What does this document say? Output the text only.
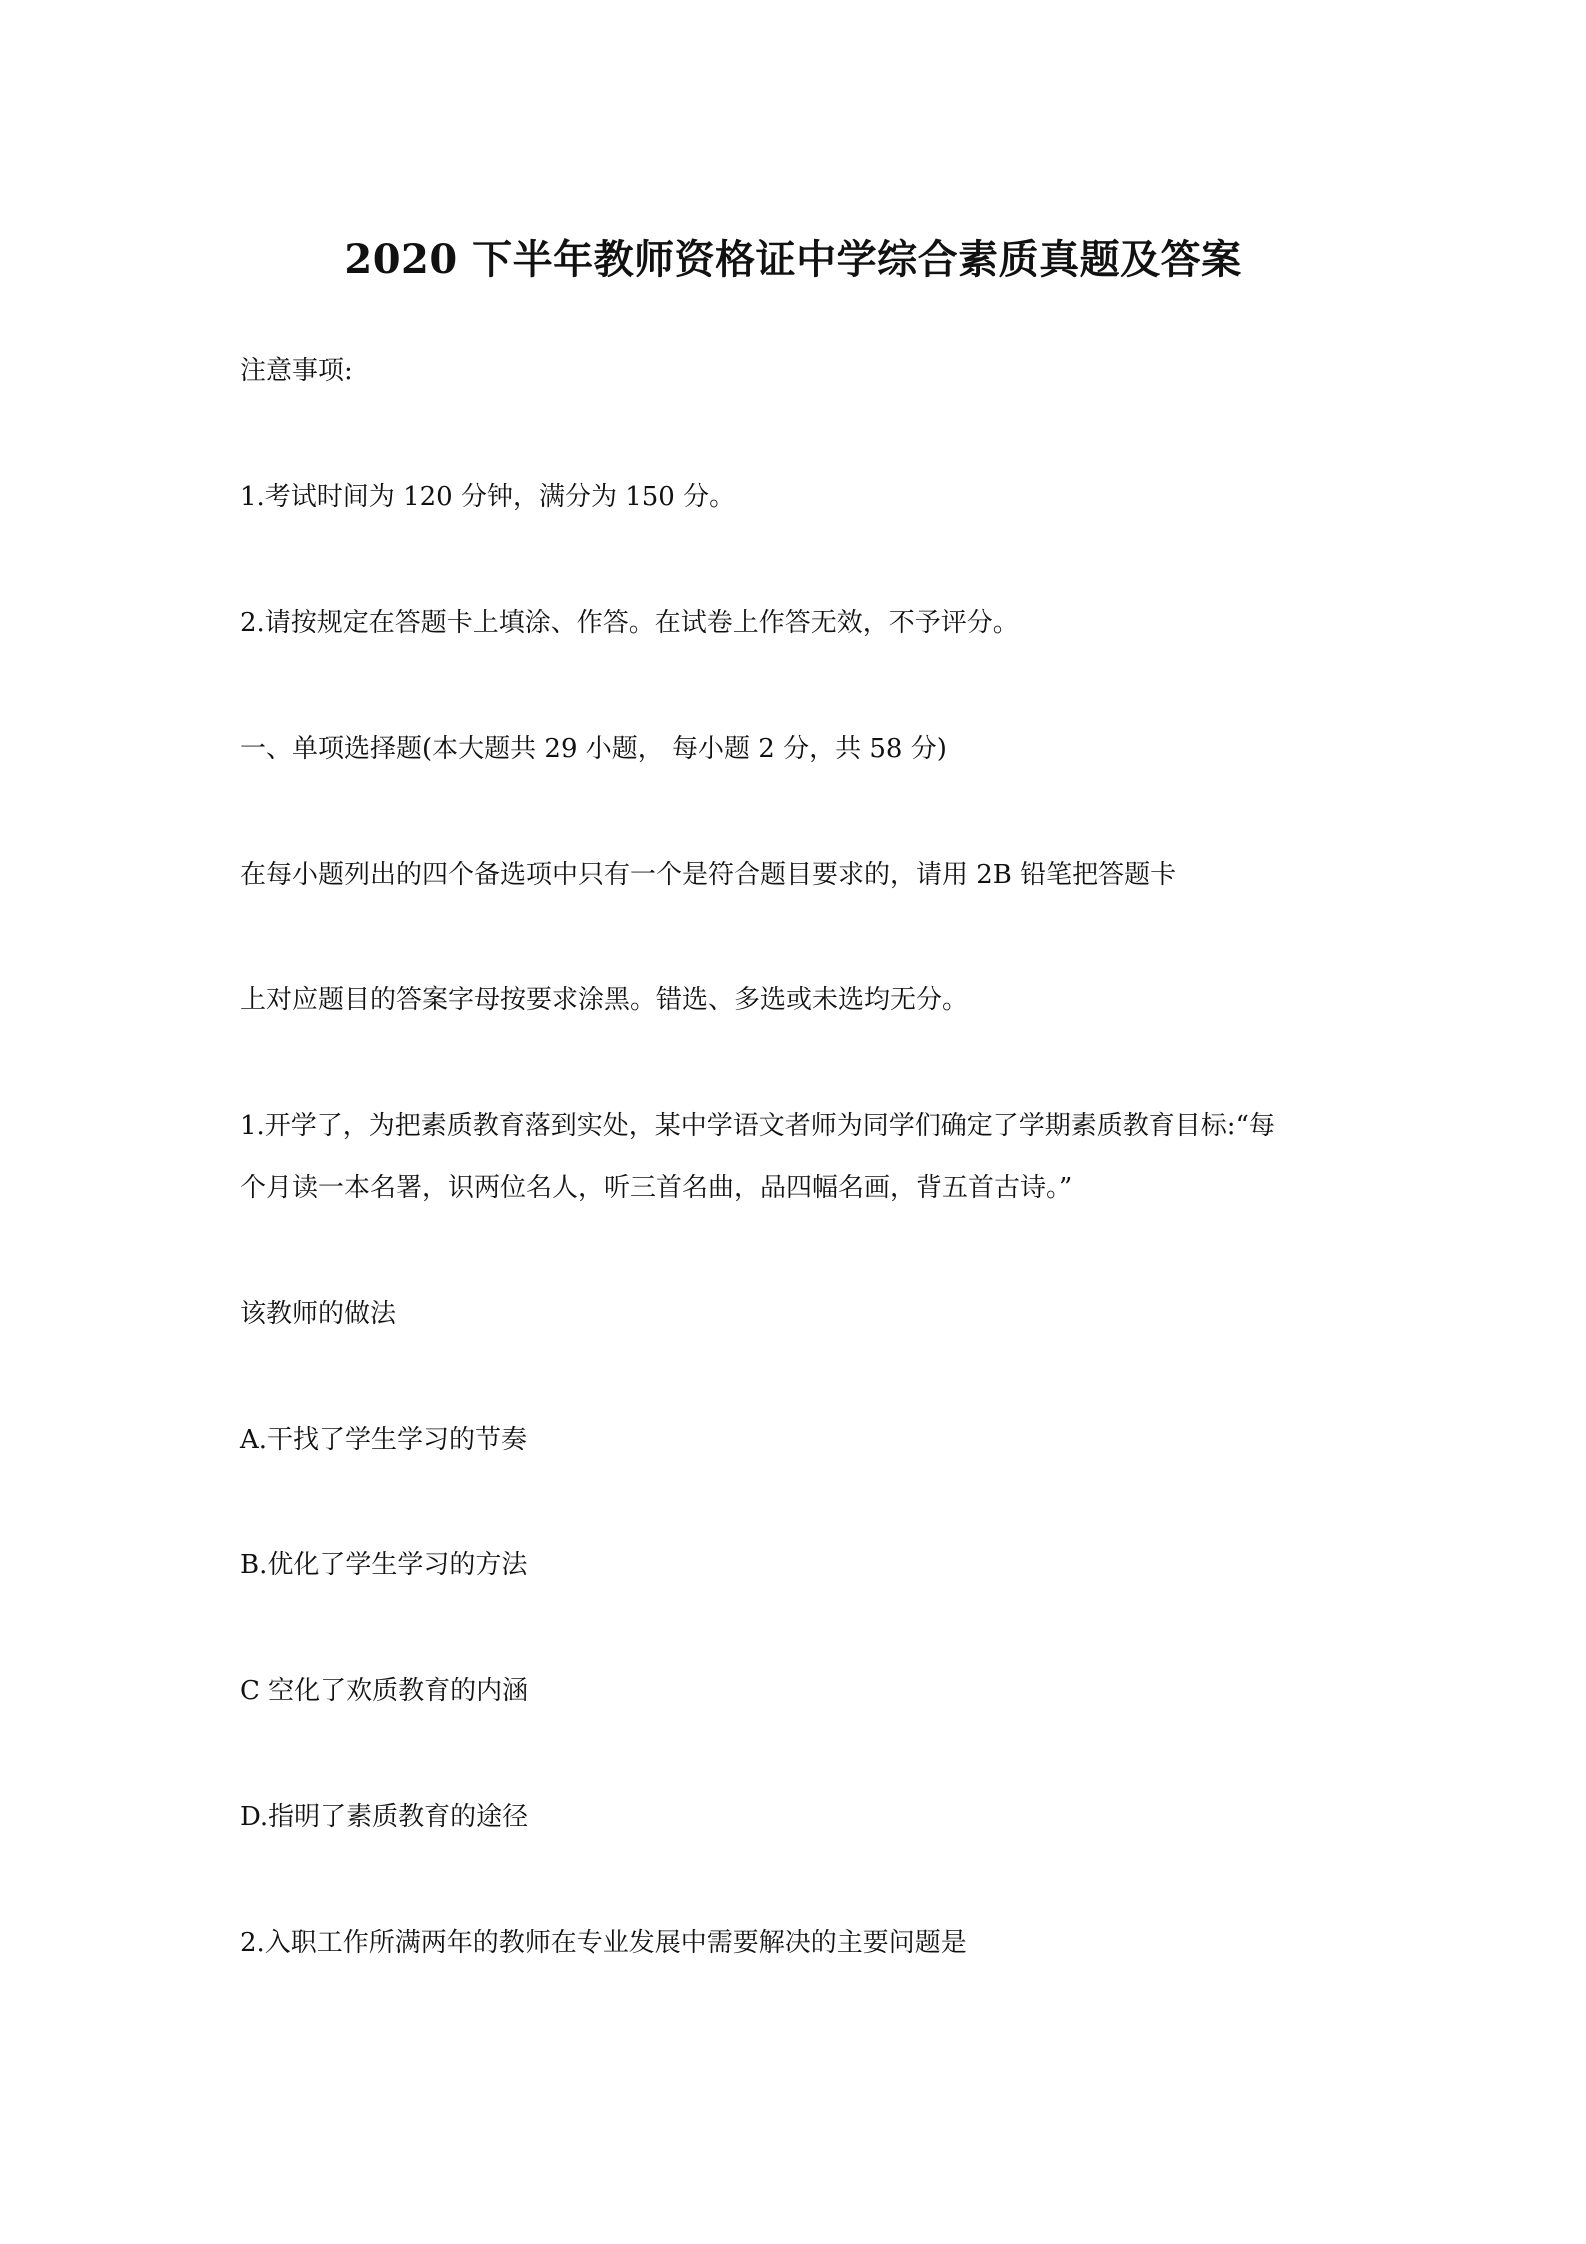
2020 下半年教师资格证中学综合素质真题及答案
注意事项:
1.考试时间为 120 分钟，满分为 150 分。
2.请按规定在答题卡上填涂、作答。在试卷上作答无效，不予评分。
一、单项选择题(本大题共 29 小题， 每小题 2 分，共 58 分)
在每小题列出的四个备选项中只有一个是符合题目要求的，请用 2B 铅笔把答题卡
上对应题目的答案字母按要求涂黑。错选、多选或未选均无分。
1.开学了，为把素质教育落到实处，某中学语文者师为同学们确定了学期素质教育目标:“每
个月读一本名署，识两位名人，听三首名曲，品四幅名画，背五首古诗。”
该教师的做法
A.干找了学生学习的节奏
B.优化了学生学习的方法
C 空化了欢质教育的内涵
D.指明了素质教育的途径
2.入职工作所满两年的教师在专业发展中需要解决的主要问题是
